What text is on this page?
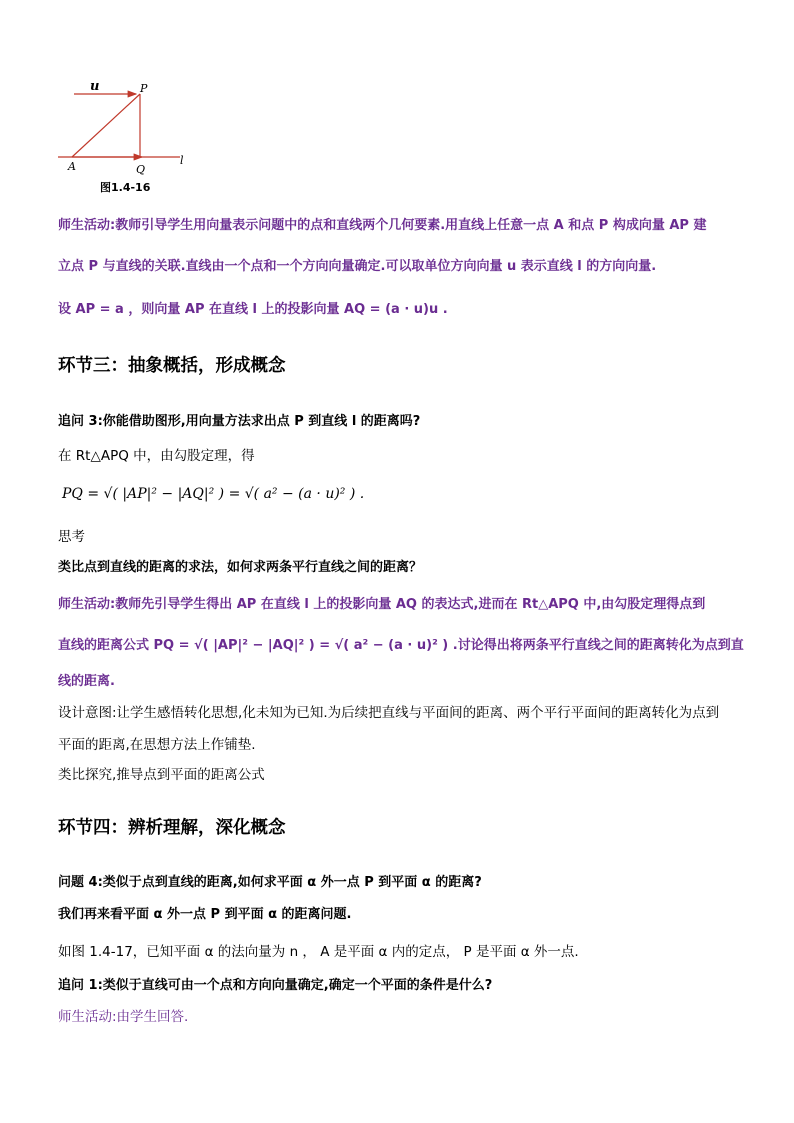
u	P
A	Q
l
图1.4-16
师生活动:教师引导学生用向量表示问题中的点和直线两个几何要素.用直线上任意一点 A 和点 P 构成向量 AP 建
立点 P 与直线的关联.直线由一个点和一个方向向量确定.可以取单位方向向量 u 表示直线 l 的方向向量.
设 AP = a ，则向量 AP 在直线 l 上的投影向量 AQ = (a · u)u .
环节三：抽象概括，形成概念
追问 3:你能借助图形,用向量方法求出点 P 到直线 l 的距离吗?
在 Rt△APQ 中，由勾股定理，得
PQ = √( |AP|² − |AQ|² ) = √( a² − (a · u)² ) .
思考
类比点到直线的距离的求法，如何求两条平行直线之间的距离？
师生活动:教师先引导学生得出 AP 在直线 l 上的投影向量 AQ 的表达式,进而在 Rt△APQ 中,由勾股定理得点到
直线的距离公式 PQ = √( |AP|² − |AQ|² ) = √( a² − (a · u)² ) .讨论得出将两条平行直线之间的距离转化为点到直
线的距离.
设计意图:让学生感悟转化思想,化未知为已知.为后续把直线与平面间的距离、两个平行平面间的距离转化为点到
平面的距离,在思想方法上作铺垫.
类比探究,推导点到平面的距离公式
环节四：辨析理解，深化概念
问题 4:类似于点到直线的距离,如何求平面 α 外一点 P 到平面 α 的距离?
我们再来看平面 α 外一点 P 到平面 α 的距离问题.
如图 1.4-17，已知平面 α 的法向量为 n ， A 是平面 α 内的定点， P 是平面 α 外一点.
追问 1:类似于直线可由一个点和方向向量确定,确定一个平面的条件是什么?
师生活动:由学生回答.
